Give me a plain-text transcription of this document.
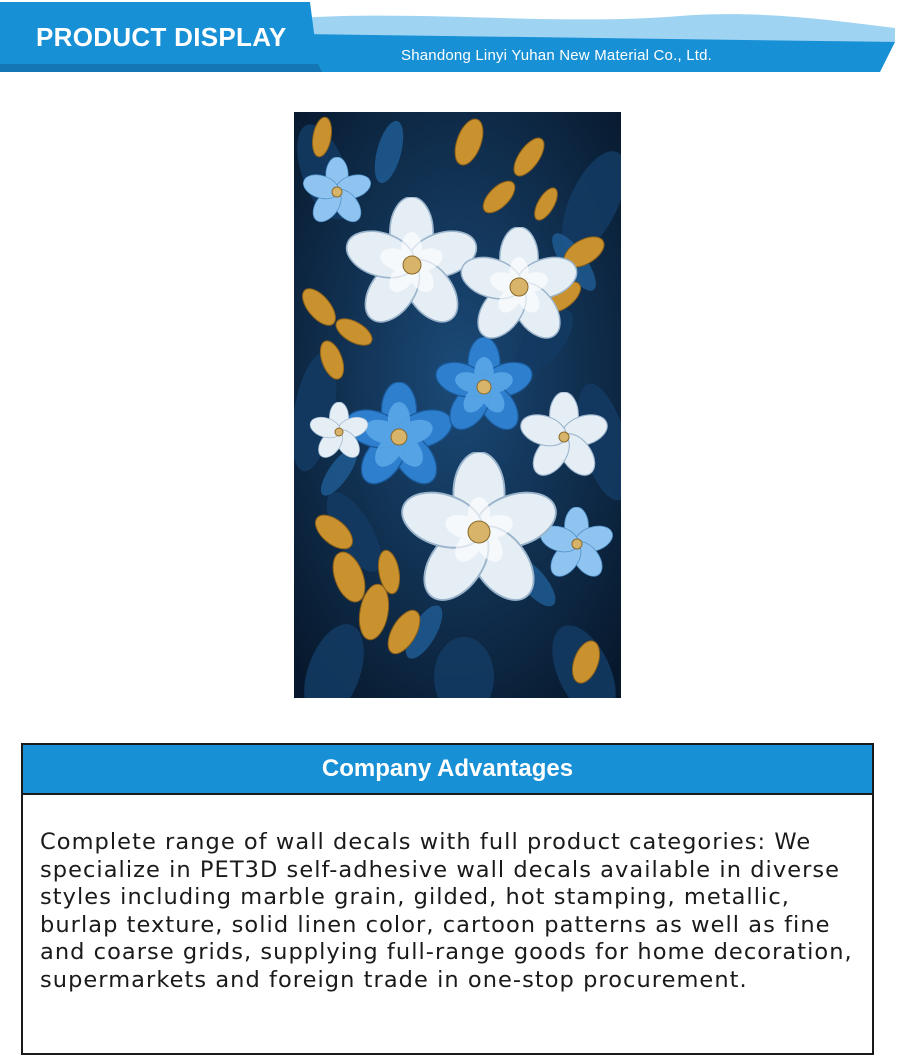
PRODUCT DISPLAY
Shandong Linyi Yuhan New Material Co., Ltd.
Company Advantages
Complete range of wall decals with full product categories: We specialize in PET3D self-adhesive wall decals available in diverse styles including marble grain, gilded, hot stamping, metallic, burlap texture, solid linen color, cartoon patterns as well as fine and coarse grids, supplying full-range goods for home decoration, supermarkets and foreign trade in one-stop procurement.
